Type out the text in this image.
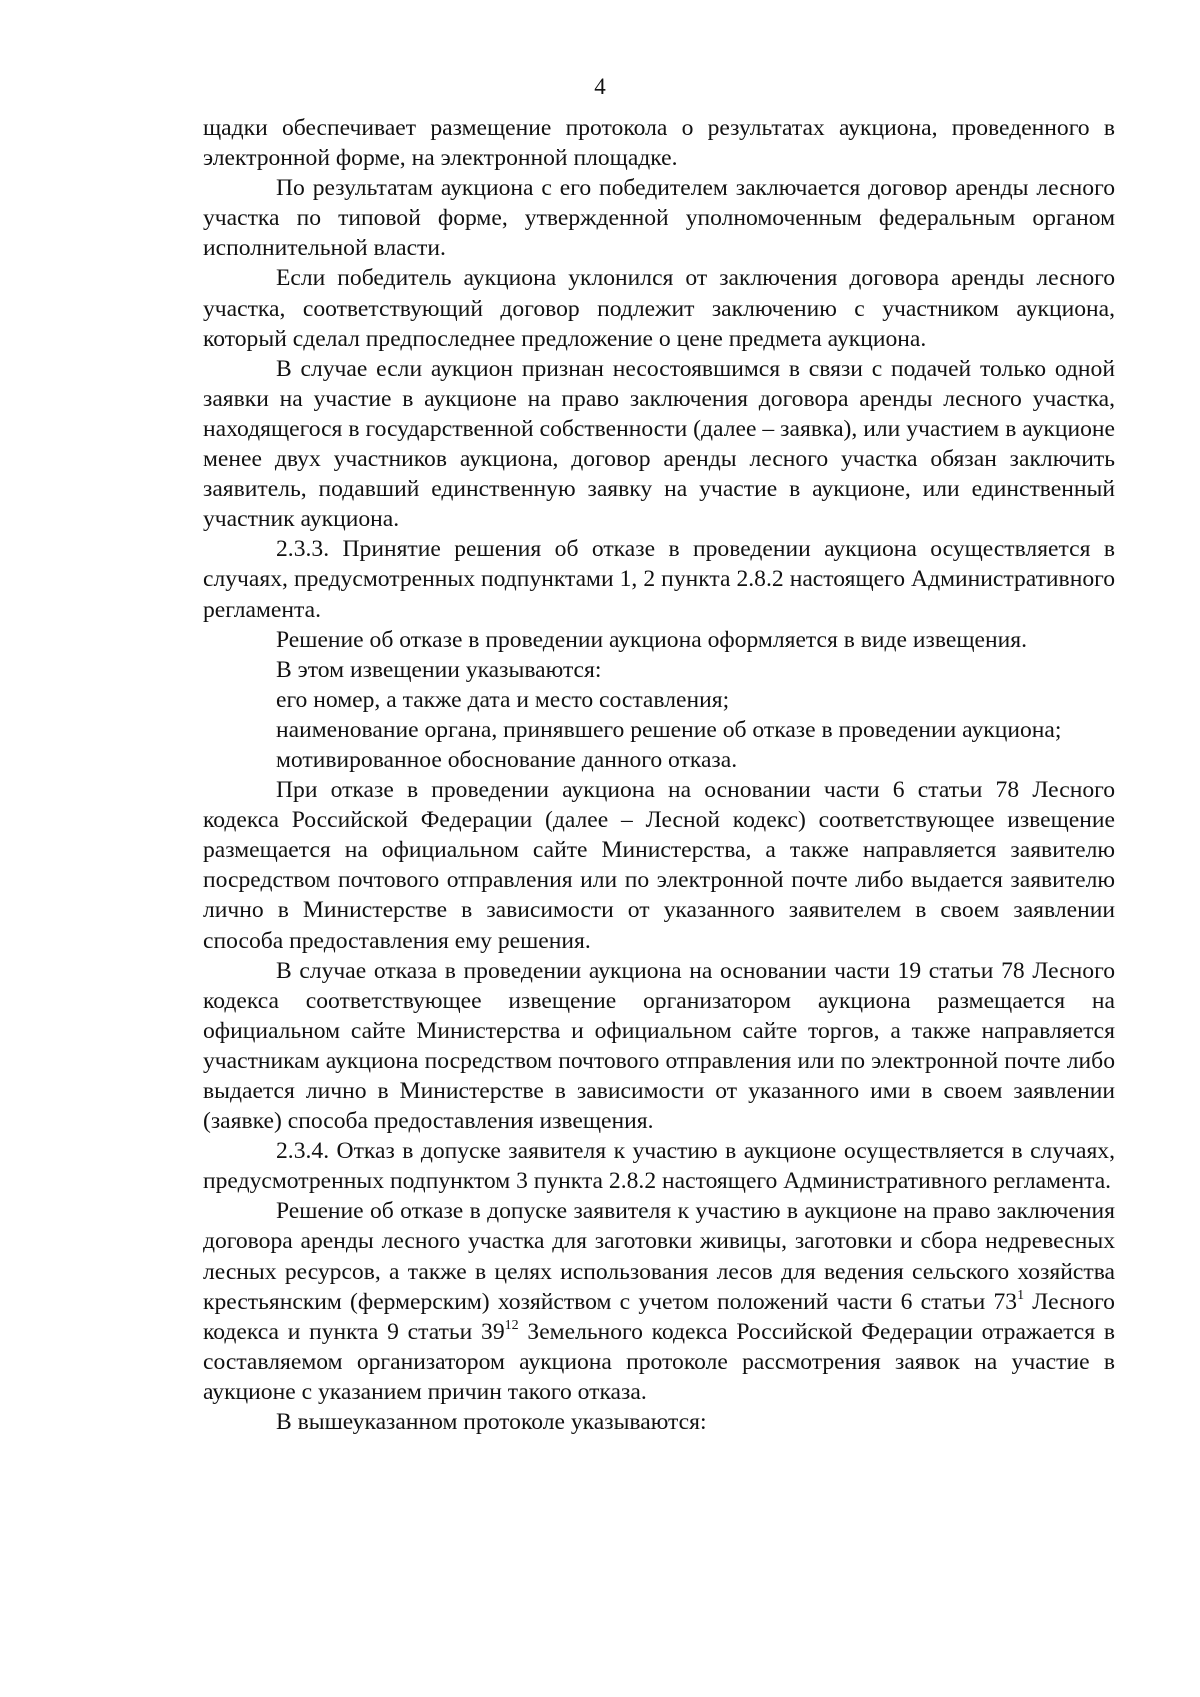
4

щадки обеспечивает размещение протокола о результатах аукциона, проведенного в электронной форме, на электронной площадке.

По результатам аукциона с его победителем заключается договор аренды лесного участка по типовой форме, утвержденной уполномоченным федеральным органом исполнительной власти.

Если победитель аукциона уклонился от заключения договора аренды лесного участка, соответствующий договор подлежит заключению с участником аукциона, который сделал предпоследнее предложение о цене предмета аукциона.

В случае если аукцион признан несостоявшимся в связи с подачей только одной заявки на участие в аукционе на право заключения договора аренды лесного участка, находящегося в государственной собственности (далее – заявка), или участием в аукционе менее двух участников аукциона, договор аренды лесного участка обязан заключить заявитель, подавший единственную заявку на участие в аукционе, или единственный участник аукциона.

2.3.3. Принятие решения об отказе в проведении аукциона осуществляется в случаях, предусмотренных подпунктами 1, 2 пункта 2.8.2 настоящего Административного регламента.

Решение об отказе в проведении аукциона оформляется в виде извещения.

В этом извещении указываются:

его номер, а также дата и место составления;

наименование органа, принявшего решение об отказе в проведении аукциона;

мотивированное обоснование данного отказа.

При отказе в проведении аукциона на основании части 6 статьи 78 Лесного кодекса Российской Федерации (далее – Лесной кодекс) соответствующее извещение размещается на официальном сайте Министерства, а также направляется заявителю посредством почтового отправления или по электронной почте либо выдается заявителю лично в Министерстве в зависимости от указанного заявителем в своем заявлении способа предоставления ему решения.

В случае отказа в проведении аукциона на основании части 19 статьи 78 Лесного кодекса соответствующее извещение организатором аукциона размещается на официальном сайте Министерства и официальном сайте торгов, а также направляется участникам аукциона посредством почтового отправления или по электронной почте либо выдается лично в Министерстве в зависимости от указанного ими в своем заявлении (заявке) способа предоставления извещения.

2.3.4. Отказ в допуске заявителя к участию в аукционе осуществляется в случаях, предусмотренных подпунктом 3 пункта 2.8.2 настоящего Административного регламента.

Решение об отказе в допуске заявителя к участию в аукционе на право заключения договора аренды лесного участка для заготовки живицы, заготовки и сбора недревесных лесных ресурсов, а также в целях использования лесов для ведения сельского хозяйства крестьянским (фермерским) хозяйством с учетом положений части 6 статьи $73^1$ Лесного кодекса и пункта 9 статьи $39^{12}$ Земельного кодекса Российской Федерации отражается в составляемом организатором аукциона протоколе рассмотрения заявок на участие в аукционе с указанием причин такого отказа.

В вышеуказанном протоколе указываются:
